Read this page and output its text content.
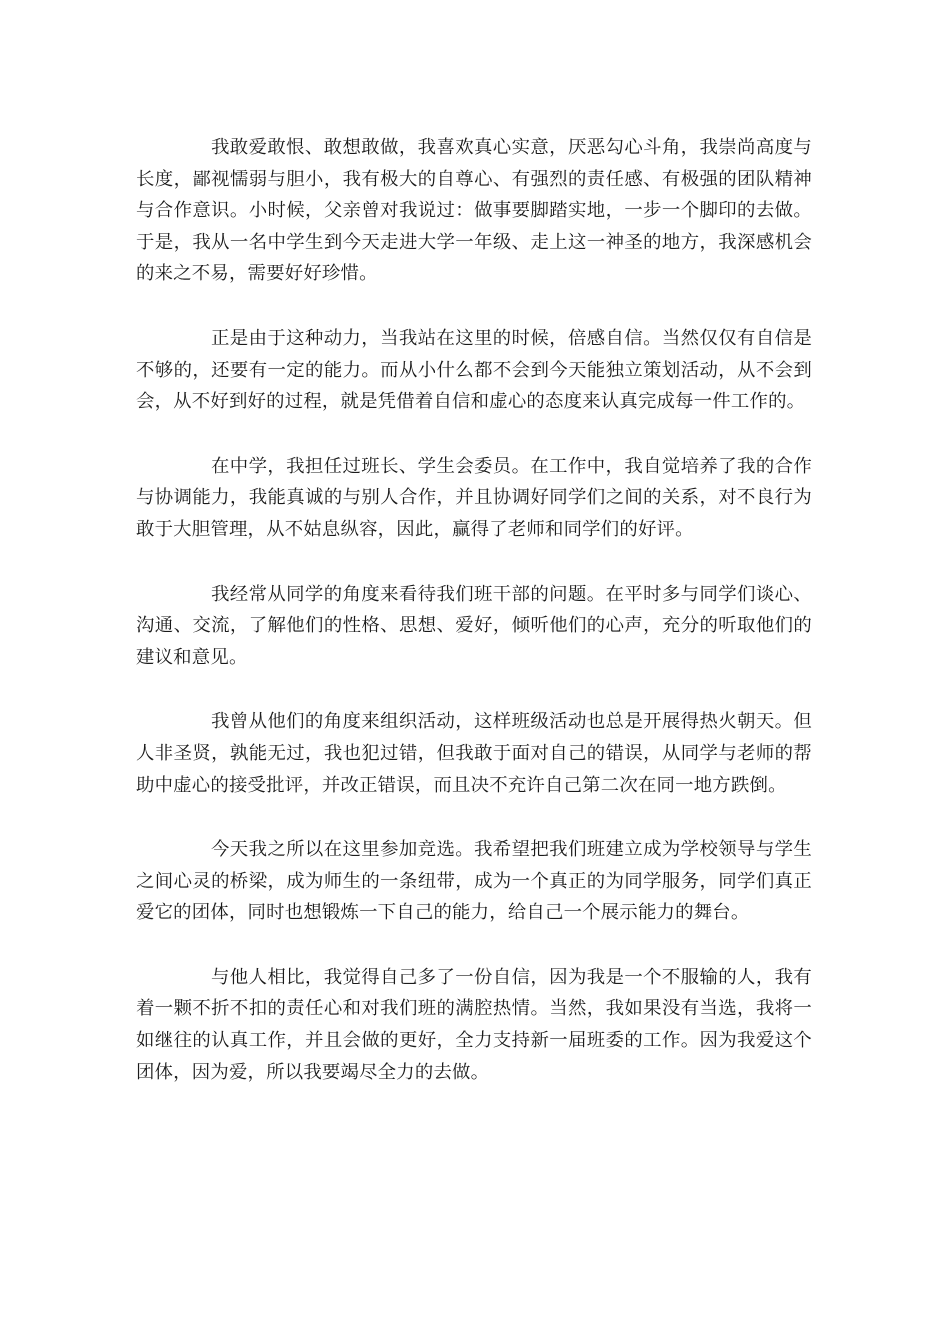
我敢爱敢恨、敢想敢做，我喜欢真心实意，厌恶勾心斗角，我崇尚高度与长度，鄙视懦弱与胆小，我有极大的自尊心、有强烈的责任感、有极强的团队精神与合作意识。小时候，父亲曾对我说过：做事要脚踏实地，一步一个脚印的去做。于是，我从一名中学生到今天走进大学一年级、走上这一神圣的地方，我深感机会的来之不易，需要好好珍惜。

正是由于这种动力，当我站在这里的时候，倍感自信。当然仅仅有自信是不够的，还要有一定的能力。而从小什么都不会到今天能独立策划活动，从不会到会，从不好到好的过程，就是凭借着自信和虚心的态度来认真完成每一件工作的。

在中学，我担任过班长、学生会委员。在工作中，我自觉培养了我的合作与协调能力，我能真诚的与别人合作，并且协调好同学们之间的关系，对不良行为敢于大胆管理，从不姑息纵容，因此，赢得了老师和同学们的好评。

我经常从同学的角度来看待我们班干部的问题。在平时多与同学们谈心、沟通、交流，了解他们的性格、思想、爱好，倾听他们的心声，充分的听取他们的建议和意见。

我曾从他们的角度来组织活动，这样班级活动也总是开展得热火朝天。但人非圣贤，孰能无过，我也犯过错，但我敢于面对自己的错误，从同学与老师的帮助中虚心的接受批评，并改正错误，而且决不充许自己第二次在同一地方跌倒。

今天我之所以在这里参加竞选。我希望把我们班建立成为学校领导与学生之间心灵的桥梁，成为师生的一条纽带，成为一个真正的为同学服务，同学们真正爱它的团体，同时也想锻炼一下自己的能力，给自己一个展示能力的舞台。

与他人相比，我觉得自己多了一份自信，因为我是一个不服输的人，我有着一颗不折不扣的责任心和对我们班的满腔热情。当然，我如果没有当选，我将一如继往的认真工作，并且会做的更好，全力支持新一届班委的工作。因为我爱这个团体，因为爱，所以我要竭尽全力的去做。
